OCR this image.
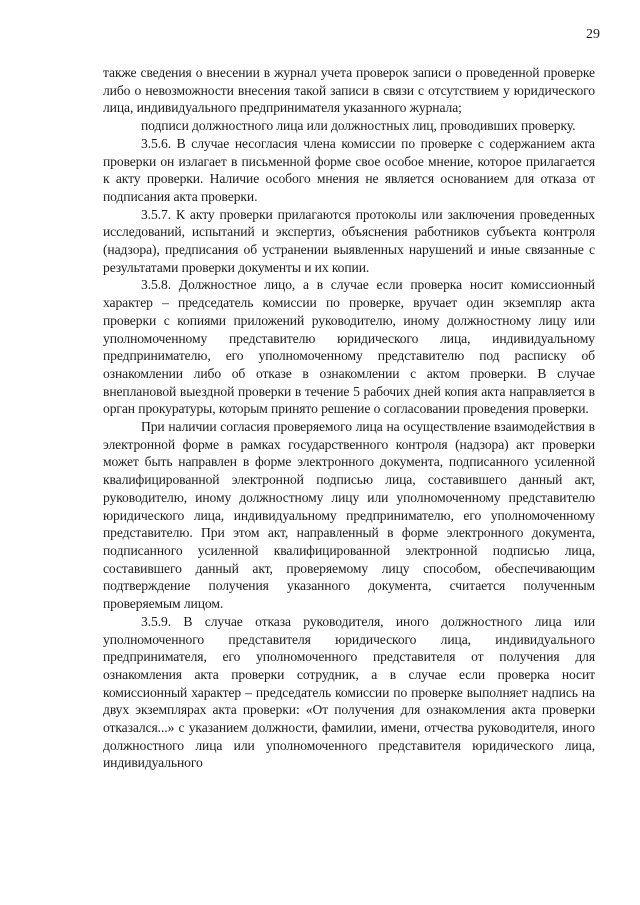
29

также сведения о внесении в журнал учета проверок записи о проведенной проверке либо о невозможности внесения такой записи в связи с отсутствием у юридического лица, индивидуального предпринимателя указанного журнала;

подписи должностного лица или должностных лиц, проводивших проверку.

3.5.6. В случае несогласия члена комиссии по проверке с содержанием акта проверки он излагает в письменной форме свое особое мнение, которое прилагается к акту проверки. Наличие особого мнения не является основанием для отказа от подписания акта проверки.

3.5.7. К акту проверки прилагаются протоколы или заключения проведенных исследований, испытаний и экспертиз, объяснения работников субъекта контроля (надзора), предписания об устранении выявленных нарушений и иные связанные с результатами проверки документы и их копии.

3.5.8. Должностное лицо, а в случае если проверка носит комиссионный характер – председатель комиссии по проверке, вручает один экземпляр акта проверки с копиями приложений руководителю, иному должностному лицу или уполномоченному представителю юридического лица, индивидуальному предпринимателю, его уполномоченному представителю под расписку об ознакомлении либо об отказе в ознакомлении с актом проверки. В случае внеплановой выездной проверки в течение 5 рабочих дней копия акта направляется в орган прокуратуры, которым принято решение о согласовании проведения проверки.

При наличии согласия проверяемого лица на осуществление взаимодействия в электронной форме в рамках государственного контроля (надзора) акт проверки может быть направлен в форме электронного документа, подписанного усиленной квалифицированной электронной подписью лица, составившего данный акт, руководителю, иному должностному лицу или уполномоченному представителю юридического лица, индивидуальному предпринимателю, его уполномоченному представителю. При этом акт, направленный в форме электронного документа, подписанного усиленной квалифицированной электронной подписью лица, составившего данный акт, проверяемому лицу способом, обеспечивающим подтверждение получения указанного документа, считается полученным проверяемым лицом.

3.5.9. В случае отказа руководителя, иного должностного лица или уполномоченного представителя юридического лица, индивидуального предпринимателя, его уполномоченного представителя от получения для ознакомления акта проверки сотрудник, а в случае если проверка носит комиссионный характер – председатель комиссии по проверке выполняет надпись на двух экземплярах акта проверки: «От получения для ознакомления акта проверки отказался...» с указанием должности, фамилии, имени, отчества руководителя, иного должностного лица или уполномоченного представителя юридического лица, индивидуального
